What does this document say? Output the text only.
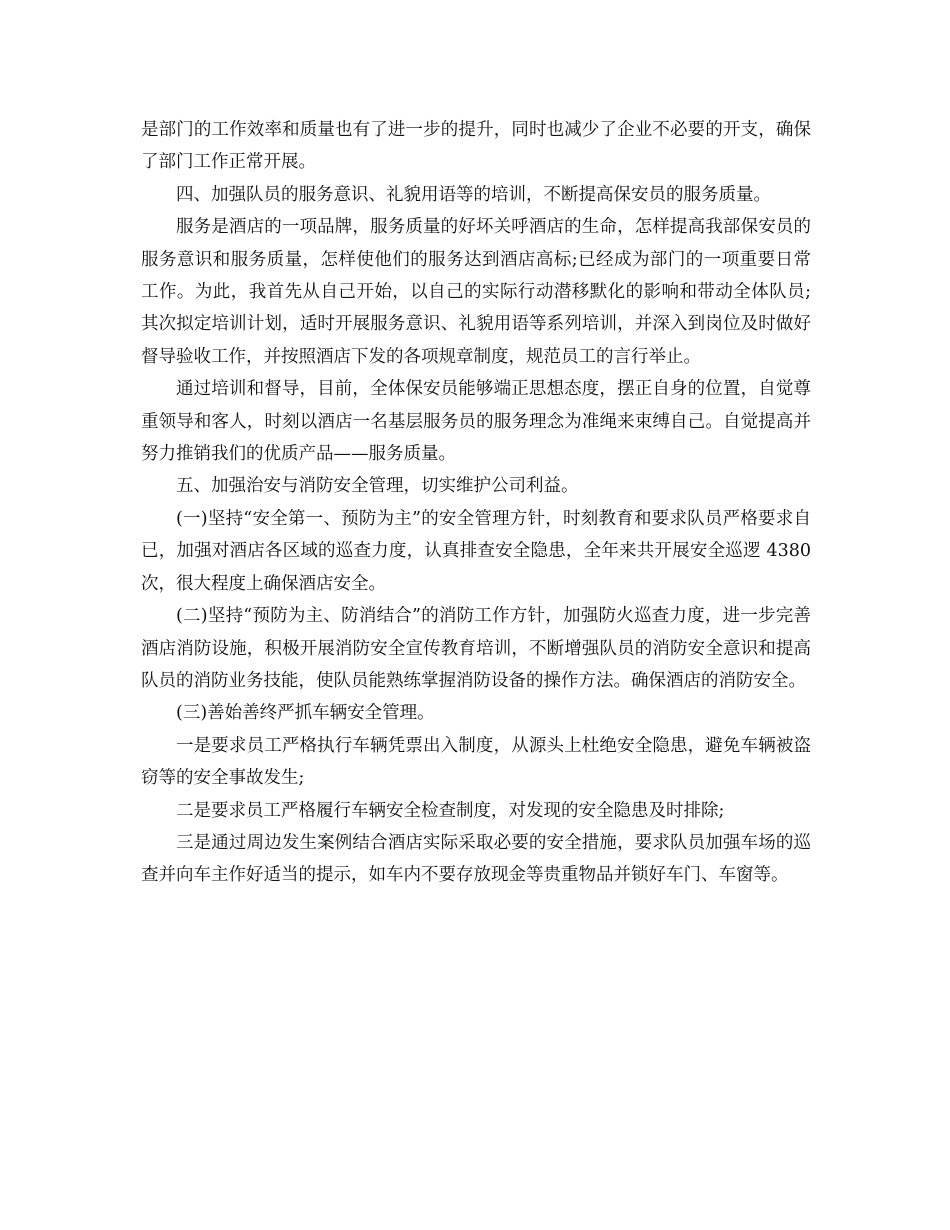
是部门的工作效率和质量也有了进一步的提升，同时也减少了企业不必要的开支，确保了部门工作正常开展。

四、加强队员的服务意识、礼貌用语等的培训，不断提高保安员的服务质量。

服务是酒店的一项品牌，服务质量的好坏关呼酒店的生命，怎样提高我部保安员的服务意识和服务质量，怎样使他们的服务达到酒店高标;已经成为部门的一项重要日常工作。为此，我首先从自己开始，以自己的实际行动潜移默化的影响和带动全体队员;其次拟定培训计划，适时开展服务意识、礼貌用语等系列培训，并深入到岗位及时做好督导验收工作，并按照酒店下发的各项规章制度，规范员工的言行举止。

通过培训和督导，目前，全体保安员能够端正思想态度，摆正自身的位置，自觉尊重领导和客人，时刻以酒店一名基层服务员的服务理念为准绳来束缚自己。自觉提高并努力推销我们的优质产品——服务质量。

五、加强治安与消防安全管理，切实维护公司利益。

(一)坚持“安全第一、预防为主”的安全管理方针，时刻教育和要求队员严格要求自已，加强对酒店各区域的巡查力度，认真排查安全隐患，全年来共开展安全巡逻 4380 次，很大程度上确保酒店安全。

(二)坚持“预防为主、防消结合”的消防工作方针，加强防火巡查力度，进一步完善酒店消防设施，积极开展消防安全宣传教育培训，不断增强队员的消防安全意识和提高队员的消防业务技能，使队员能熟练掌握消防设备的操作方法。确保酒店的消防安全。

(三)善始善终严抓车辆安全管理。

一是要求员工严格执行车辆凭票出入制度，从源头上杜绝安全隐患，避免车辆被盗窃等的安全事故发生;

二是要求员工严格履行车辆安全检查制度，对发现的安全隐患及时排除;

三是通过周边发生案例结合酒店实际采取必要的安全措施，要求队员加强车场的巡查并向车主作好适当的提示，如车内不要存放现金等贵重物品并锁好车门、车窗等。
